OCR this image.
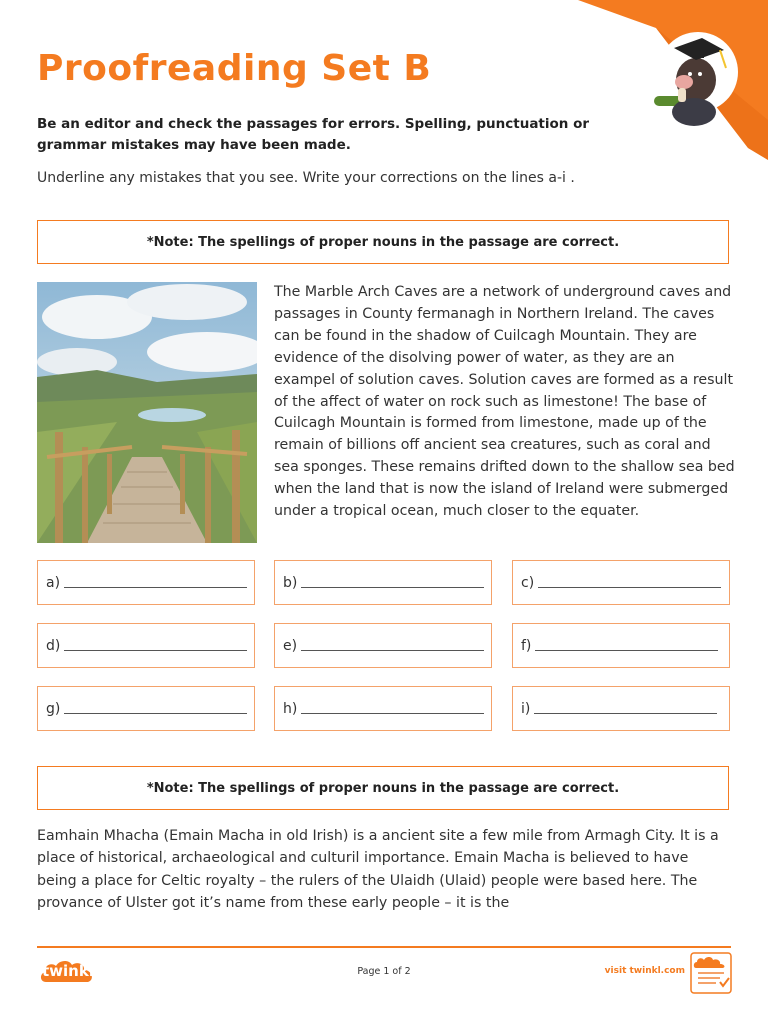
Proofreading Set B
Be an editor and check the passages for errors. Spelling, punctuation or grammar mistakes may have been made.
Underline any mistakes that you see. Write your corrections on the lines a-i .
*Note: The spellings of proper nouns in the passage are correct.

The Marble Arch Caves are a network of underground caves and passages in County fermanagh in Northern Ireland. The caves can be found in the shadow of Cuilcagh Mountain. They are evidence of the disolving power of water, as they are an exampel of solution caves. Solution caves are formed as a result of the affect of water on rock such as limestone! The base of Cuilcagh Mountain is formed from limestone, made up of the remain of billions off ancient sea creatures, such as coral and sea sponges. These remains drifted down to the shallow sea bed when the land that is now the island of Ireland were submerged under a tropical ocean, much closer to the equater.

a)	b)	c)
d)	e)	f)
g)	h)	i)
*Note: The spellings of proper nouns in the passage are correct.

Eamhain Mhacha (Emain Macha in old Irish) is a ancient site a few mile from Armagh City. It is a place of historical, archaeological and culturil importance. Emain Macha is believed to have being a place for Celtic royalty – the rulers of the Ulaidh (Ulaid) people were based here. The provance of Ulster got it’s name from these early people – it is the

twinkl	Page 1 of 2	visit twinkl.com
